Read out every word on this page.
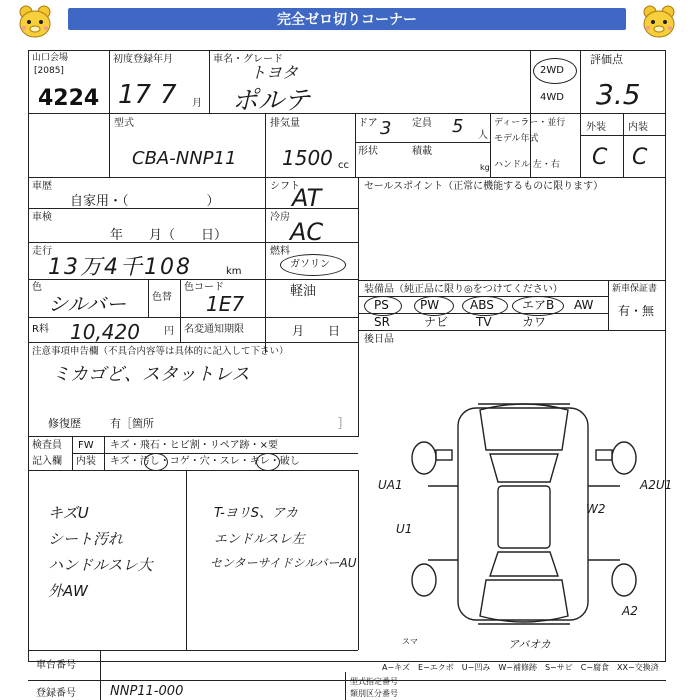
完全ゼロ切りコーナー
山口会場
[2085]
4224
初度登録年月
17 7 月
車名・グレード
トヨタ
ポルテ
2WD
4WD
評価点
3.5
型式
CBA-NNP11
排気量
1500 cc
ドア 3 定員 5 人
形状	積載
kg
ディーラー・並行
モデル年式
ハンドル 左・右
外装 内装
C C
車歴
自家用・（　　　　　　）
シフト
AT
車検
年　　月（　　日）
冷房
AC
走行
13万4千108	km
燃料
ガソリン
軽油
色
シルバー	色替
色コード
1E7
R料 10,420 円 名変通知期限	月　　日
セールスポイント（正常に機能するものに限ります）
装備品（純正品に限り◎をつけてください）	新車保証書
PS	PW	ABS エアB AW
SR	ナビ TV	カワ
有・無
後日品
注意事項申告欄（不具合内容等は具体的に記入して下さい）
ミカゴど、スタットレス
修復歴	有［箇所	］
検査員
記入欄
FW
内装
キズ・飛石・ヒビ割・リペア跡・×要
キズ・汚し・コゲ・穴・スレ・キレ・破し
キズU
シート汚れ
ハンドルスレ大
外AW
T-ヨリS、アカ
エンドルスレ左
センターサイドシルバーAU
UA1	A2U1
U1
W2
A2
アバオカ
スマ
A−キズ　E−エクボ　U−凹み　W−補修跡　S−サビ　C−腐食　XX−交換済
車台番号
登録番号	NNP11-000
型式指定番号
類別区分番号
